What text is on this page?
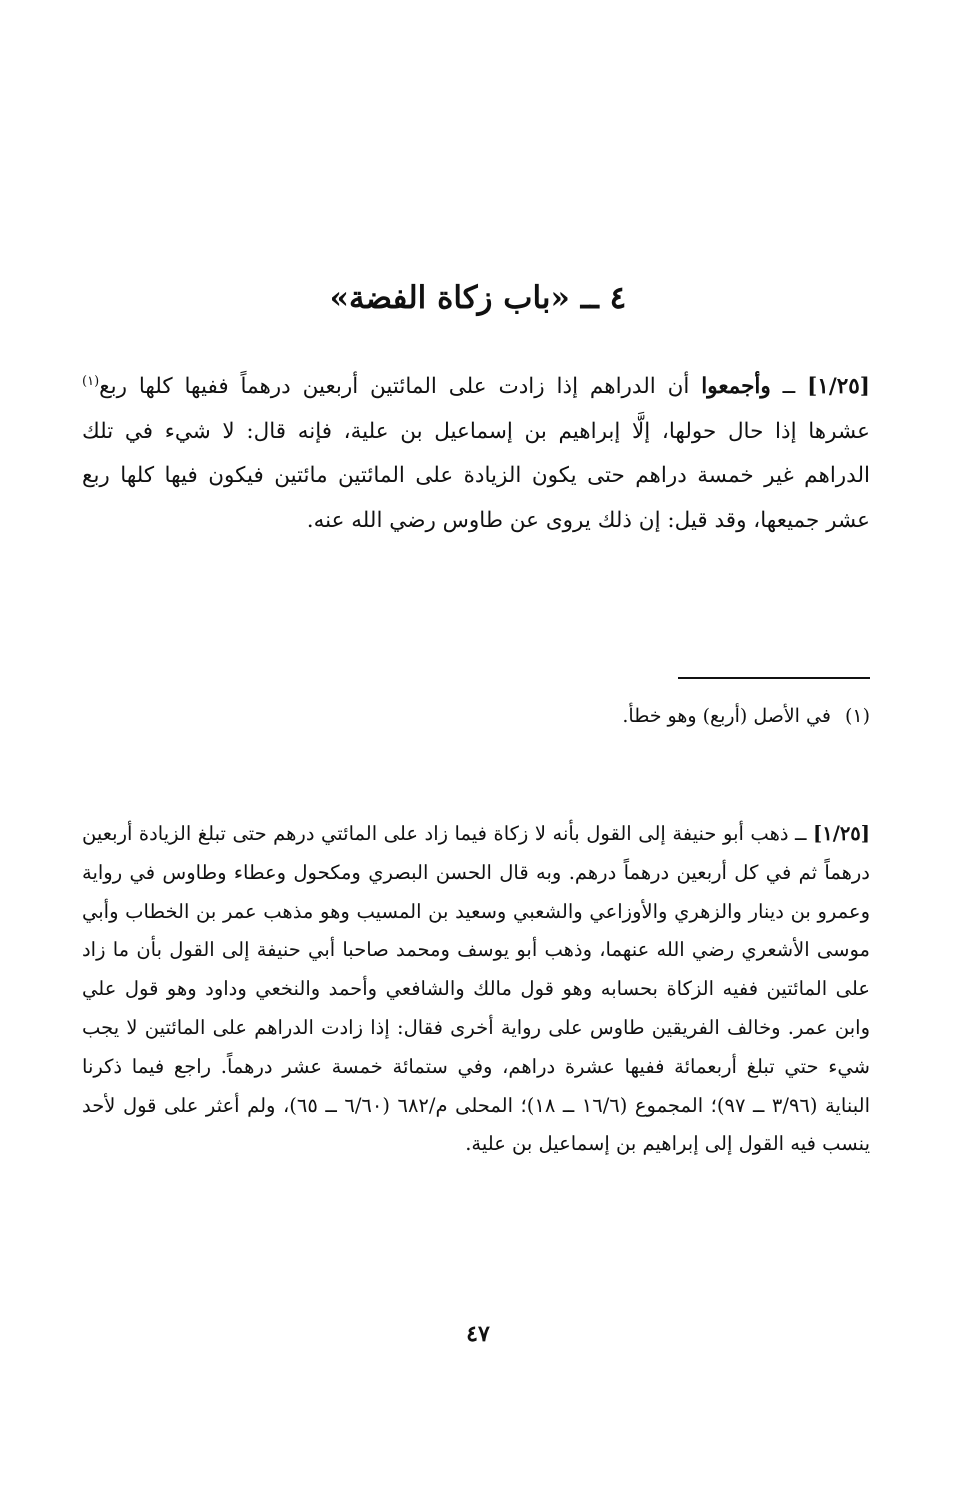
٤ ــ «باب زكاة الفضة»

[١/٢٥] ــ وأجمعوا أن الدراهم إذا زادت على المائتين أربعين درهماً ففيها كلها ربع$^{(١)}$ عشرها إذا حال حولها، إلَّا إبراهيم بن إسماعيل بن علية، فإنه قال: لا شيء في تلك الدراهم غير خمسة دراهم حتى يكون الزيادة على المائتين مائتين فيكون فيها كلها ربع عشر جميعها، وقد قيل: إن ذلك يروى عن طاوس رضي الله عنه.

(١)في الأصل (أربع) وهو خطأ.

[١/٢٥] ــ ذهب أبو حنيفة إلى القول بأنه لا زكاة فيما زاد على المائتي درهم حتى تبلغ الزيادة أربعين درهماً ثم في كل أربعين درهماً درهم. وبه قال الحسن البصري ومكحول وعطاء وطاوس في رواية وعمرو بن دينار والزهري والأوزاعي والشعبي وسعيد بن المسيب وهو مذهب عمر بن الخطاب وأبي موسى الأشعري رضي الله عنهما، وذهب أبو يوسف ومحمد صاحبا أبي حنيفة إلى القول بأن ما زاد على المائتين ففيه الزكاة بحسابه وهو قول مالك والشافعي وأحمد والنخعي وداود وهو قول علي وابن عمر. وخالف الفريقين طاوس على رواية أخرى فقال: إذا زادت الدراهم على المائتين لا يجب شيء حتي تبلغ أربعمائة ففيها عشرة دراهم، وفي ستمائة خمسة عشر درهماً. راجع فيما ذكرنا البناية (٣/٩٦ ــ ٩٧)؛ المجموع (١٦/٦ ــ ١٨)؛ المحلى م/٦٨٢ (٦/٦٠ ــ ٦٥)، ولم أعثر على قول لأحد ينسب فيه القول إلى إبراهيم بن إسماعيل بن علية.

٤٧
